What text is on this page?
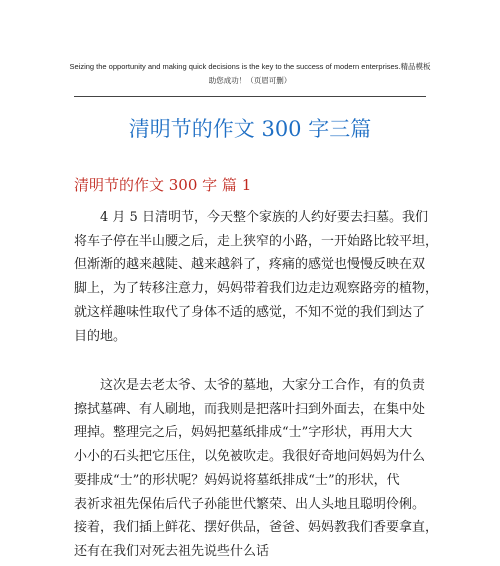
Seizing the opportunity and making quick decisions is the key to the success of modern enterprises.精品模板
助您成功！（页眉可删）
清明节的作文 300 字三篇
清明节的作文 300 字 篇 1
　　4 月 5 日清明节，今天整个家族的人约好要去扫墓。我们
将车子停在半山腰之后，走上狭窄的小路，一开始路比较平坦，
但渐渐的越来越陡、越来越斜了，疼痛的感觉也慢慢反映在双
脚上，为了转移注意力，妈妈带着我们边走边观察路旁的植物，
就这样趣味性取代了身体不适的感觉，不知不觉的我们到达了
目的地。
　　这次是去老太爷、太爷的墓地，大家分工合作，有的负责
擦拭墓碑、有人刷地，而我则是把落叶扫到外面去，在集中处
理掉。整理完之后，妈妈把墓纸排成“士”字形状，再用大大
小小的石头把它压住，以免被吹走。我很好奇地问妈妈为什么
要排成“士”的形状呢？妈妈说将墓纸排成“士”的形状，代
表祈求祖先保佑后代子孙能世代繁荣、出人头地且聪明伶俐。
接着，我们插上鲜花、摆好供品，爸爸、妈妈教我们香要拿直，
还有在我们对死去祖先说些什么话
